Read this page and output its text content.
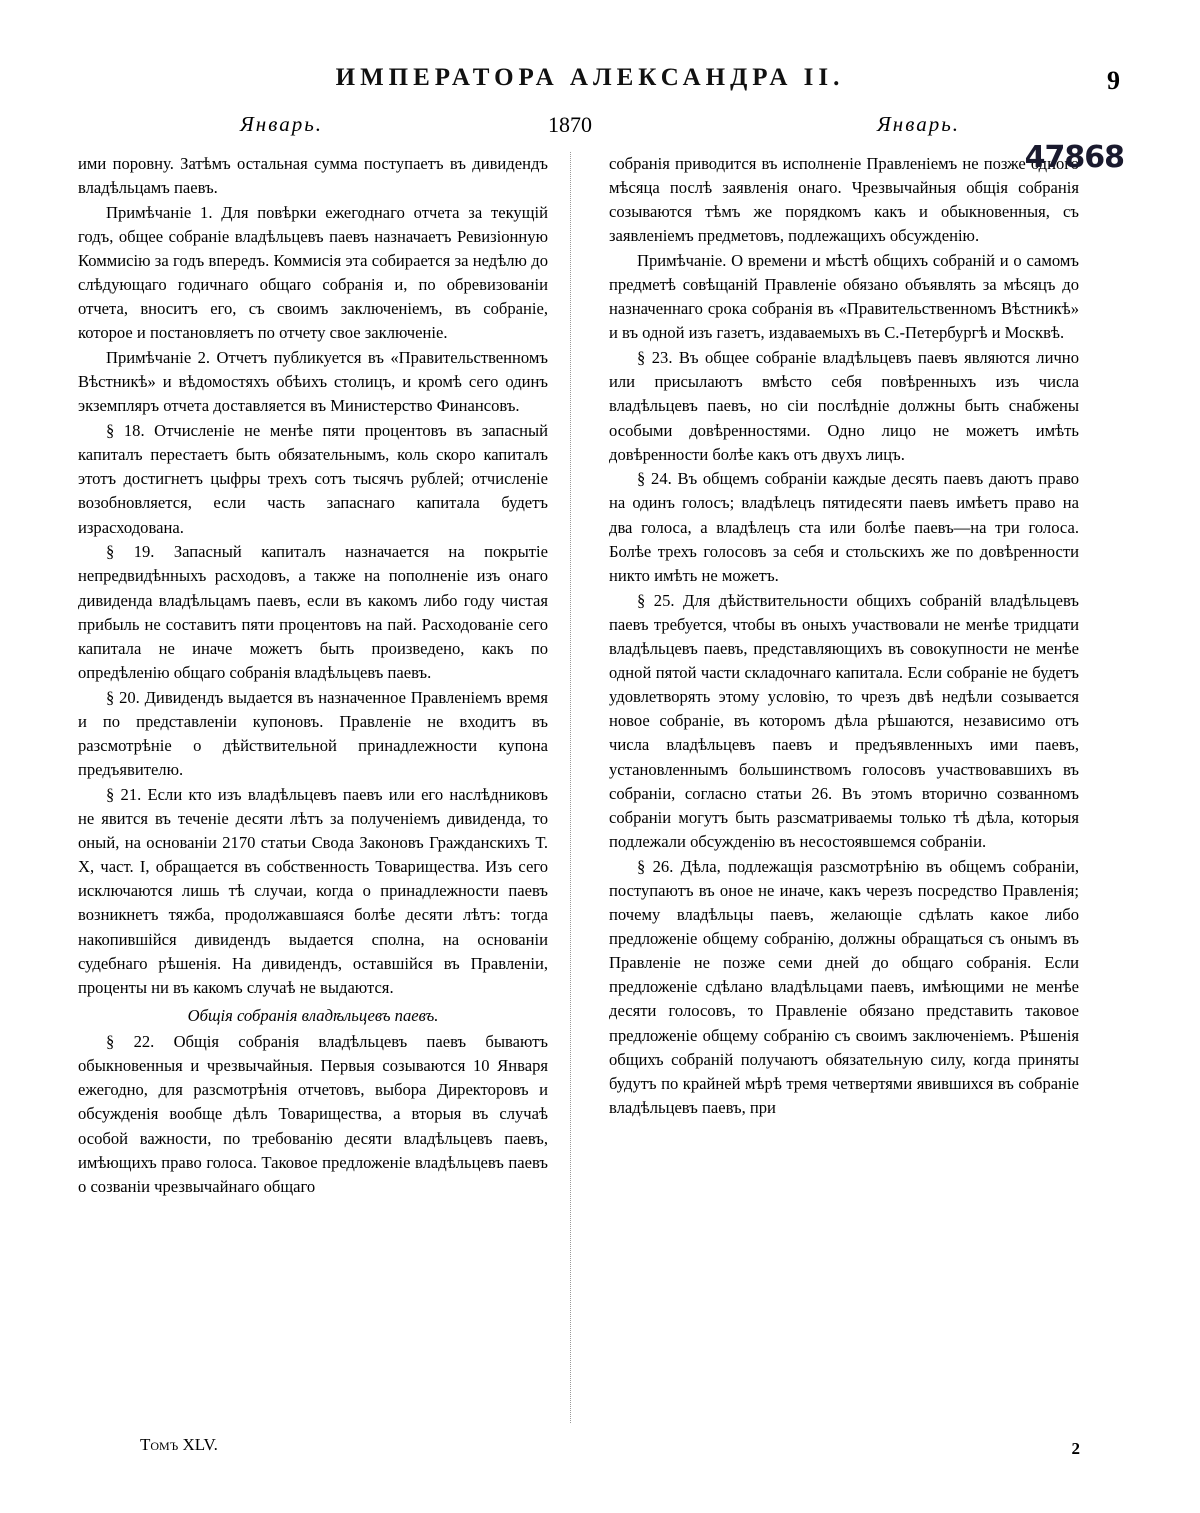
ИМПЕРАТОРА АЛЕКСАНДРА II.	9
Январь.	1870	Январь.
47868

ими поровну. Затѣмъ остальная сумма поступаетъ въ дивидендъ владѣльцамъ паевъ.

Примѣчаніе 1. Для повѣрки ежегоднаго отчета за текущій годъ, общее собраніе владѣльцевъ паевъ назначаетъ Ревизіонную Коммисію за годъ впередъ. Коммисія эта собирается за недѣлю до слѣдующаго годичнаго общаго собранія и, по обревизованіи отчета, вноситъ его, съ своимъ заключеніемъ, въ собраніе, которое и постановляетъ по отчету свое заключеніе.

Примѣчаніе 2. Отчетъ публикуется въ «Правительственномъ Вѣстникѣ» и вѣдомостяхъ обѣихъ столицъ, и кромѣ сего одинъ экземпляръ отчета доставляется въ Министерство Финансовъ.

§ 18. Отчисленіе не менѣе пяти процентовъ въ запасный капиталъ перестаетъ быть обязательнымъ, коль скоро капиталъ этотъ достигнетъ цыфры трехъ сотъ тысячъ рублей; отчисленіе возобновляется, если часть запаснаго капитала будетъ израсходована.

§ 19. Запасный капиталъ назначается на покрытіе непредвидѣнныхъ расходовъ, а также на пополненіе изъ онаго дивиденда владѣльцамъ паевъ, если въ какомъ либо году чистая прибыль не составитъ пяти процентовъ на пай. Расходованіе сего капитала не иначе можетъ быть произведено, какъ по опредѣленію общаго собранія владѣльцевъ паевъ.

§ 20. Дивидендъ выдается въ назначенное Правленіемъ время и по представленіи купоновъ. Правленіе не входитъ въ разсмотрѣніе о дѣйствительной принадлежности купона предъявителю.

§ 21. Если кто изъ владѣльцевъ паевъ или его наслѣдниковъ не явится въ теченіе десяти лѣтъ за полученіемъ дивиденда, то оный, на основаніи 2170 статьи Свода Законовъ Гражданскихъ Т. X, част. I, обращается въ собственность Товарищества. Изъ сего исключаются лишь тѣ случаи, когда о принадлежности паевъ возникнетъ тяжба, продолжавшаяся болѣе десяти лѣтъ: тогда накопившійся дивидендъ выдается сполна, на основаніи судебнаго рѣшенія. На дивидендъ, оставшійся въ Правленіи, проценты ни въ какомъ случаѣ не выдаются.

Общія собранія владѣльцевъ паевъ.

§ 22. Общія собранія владѣльцевъ паевъ бываютъ обыкновенныя и чрезвычайныя. Первыя созываются 10 Января ежегодно, для разсмотрѣнія отчетовъ, выбора Директоровъ и обсужденія вообще дѣлъ Товарищества, а вторыя въ случаѣ особой важности, по требованію десяти владѣльцевъ паевъ, имѣющихъ право голоса. Таковое предложеніе владѣльцевъ паевъ о созваніи чрезвычайнаго общаго

собранія приводится въ исполненіе Правленіемъ не позже одного мѣсяца послѣ заявленія онаго. Чрезвычайныя общія собранія созываются тѣмъ же порядкомъ какъ и обыкновенныя, съ заявленіемъ предметовъ, подлежащихъ обсужденію.

Примѣчаніе. О времени и мѣстѣ общихъ собраній и о самомъ предметѣ совѣщаній Правленіе обязано объявлять за мѣсяцъ до назначеннаго срока собранія въ «Правительственномъ Вѣстникѣ» и въ одной изъ газетъ, издаваемыхъ въ С.-Петербургѣ и Москвѣ.

§ 23. Въ общее собраніе владѣльцевъ паевъ являются лично или присылаютъ вмѣсто себя повѣренныхъ изъ числа владѣльцевъ паевъ, но сіи послѣдніе должны быть снабжены особыми довѣренностями. Одно лицо не можетъ имѣть довѣренности болѣе какъ отъ двухъ лицъ.

§ 24. Въ общемъ собраніи каждые десять паевъ даютъ право на одинъ голосъ; владѣлецъ пятидесяти паевъ имѣетъ право на два голоса, а владѣлецъ ста или болѣе паевъ—на три голоса. Болѣе трехъ голосовъ за себя и стольскихъ же по довѣренности никто имѣть не можетъ.

§ 25. Для дѣйствительности общихъ собраній владѣльцевъ паевъ требуется, чтобы въ оныхъ участвовали не менѣе тридцати владѣльцевъ паевъ, представляющихъ въ совокупности не менѣе одной пятой части складочнаго капитала. Если собраніе не будетъ удовлетворять этому условію, то чрезъ двѣ недѣли созывается новое собраніе, въ которомъ дѣла рѣшаются, независимо отъ числа владѣльцевъ паевъ и предъявленныхъ ими паевъ, установленнымъ большинствомъ голосовъ участвовавшихъ въ собраніи, согласно статьи 26. Въ этомъ вторично созванномъ собраніи могутъ быть разсматриваемы только тѣ дѣла, которыя подлежали обсужденію въ несостоявшемся собраніи.

§ 26. Дѣла, подлежащія разсмотрѣнію въ общемъ собраніи, поступаютъ въ оное не иначе, какъ черезъ посредство Правленія; почему владѣльцы паевъ, желающіе сдѣлать какое либо предложеніе общему собранію, должны обращаться съ онымъ въ Правленіе не позже семи дней до общаго собранія. Если предложеніе сдѣлано владѣльцами паевъ, имѣющими не менѣе десяти голосовъ, то Правленіе обязано представить таковое предложеніе общему собранію съ своимъ заключеніемъ. Рѣшенія общихъ собраній получаютъ обязательную силу, когда приняты будутъ по крайней мѣрѣ тремя четвертями явившихся въ собраніе владѣльцевъ паевъ, при

Томъ XLV.	2
